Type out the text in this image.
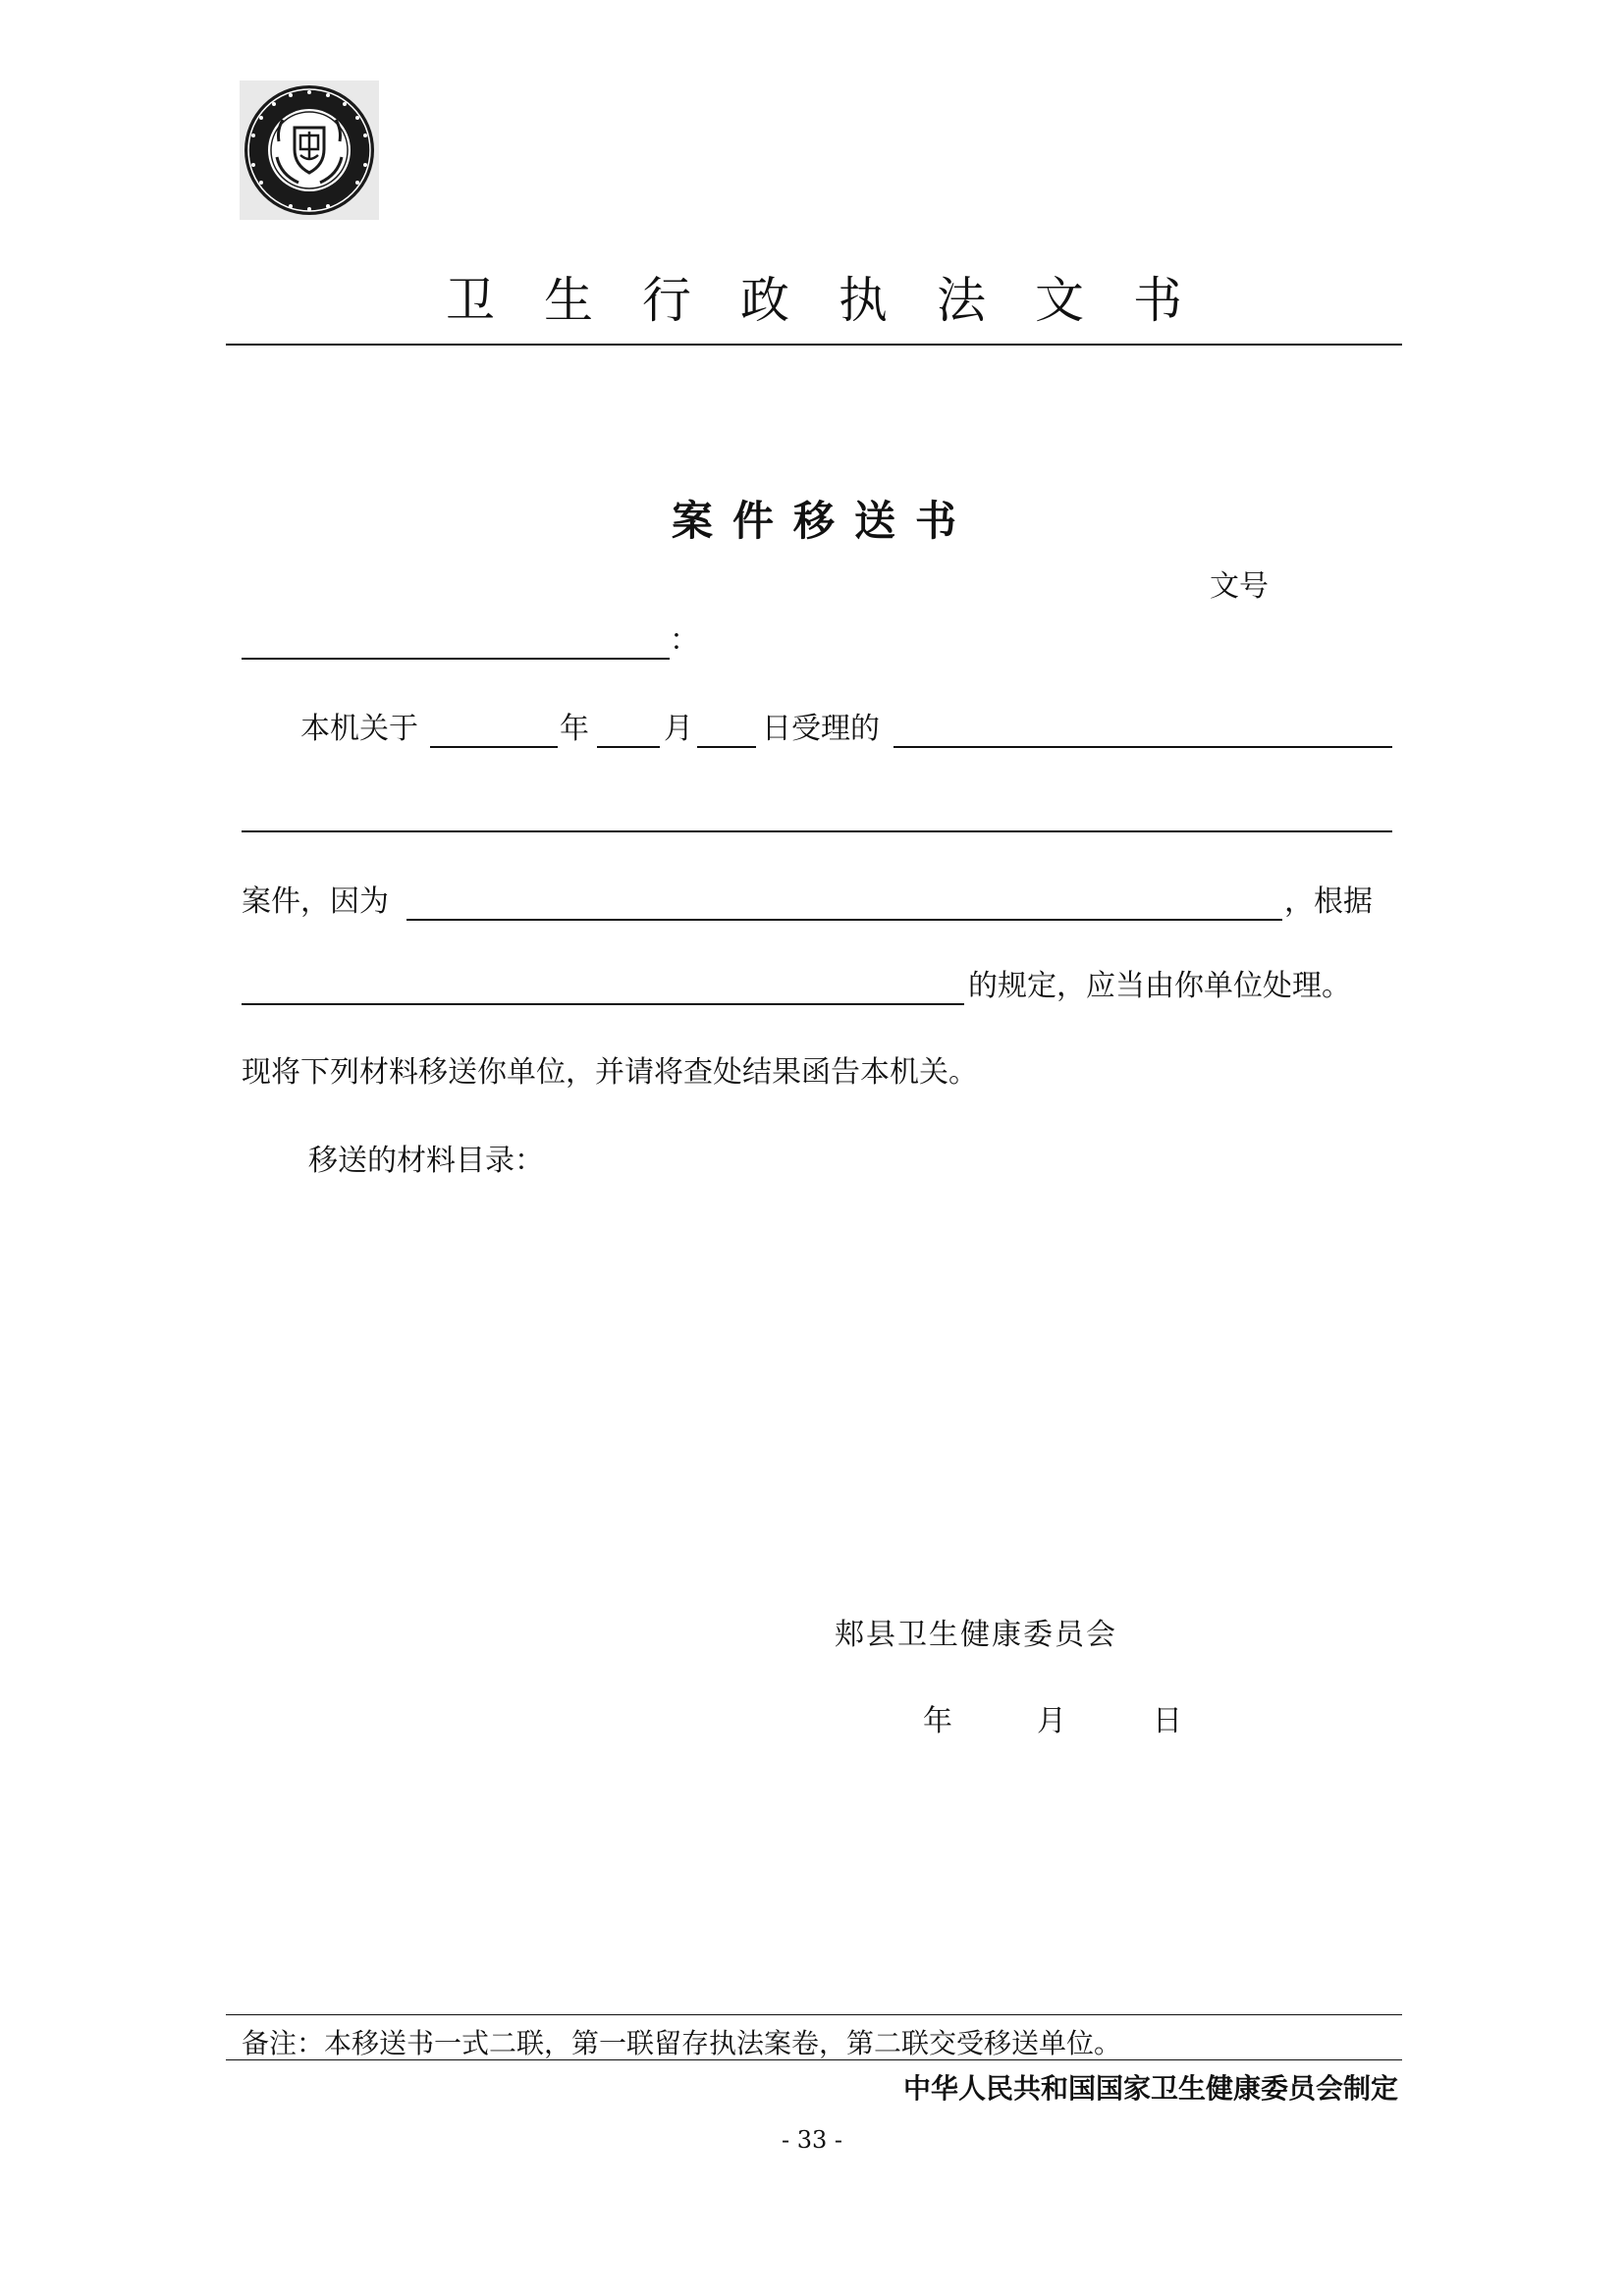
卫生行政执法文书
案件移送书
文号
：
本机关于	年	月 日受理的
案件，因为	，根据
的规定，应当由你单位处理。
现将下列材料移送你单位，并请将查处结果函告本机关。
移送的材料目录：
郏县卫生健康委员会
年	月	日
备注：本移送书一式二联，第一联留存执法案卷，第二联交受移送单位。
中华人民共和国国家卫生健康委员会制定
- 33 -
